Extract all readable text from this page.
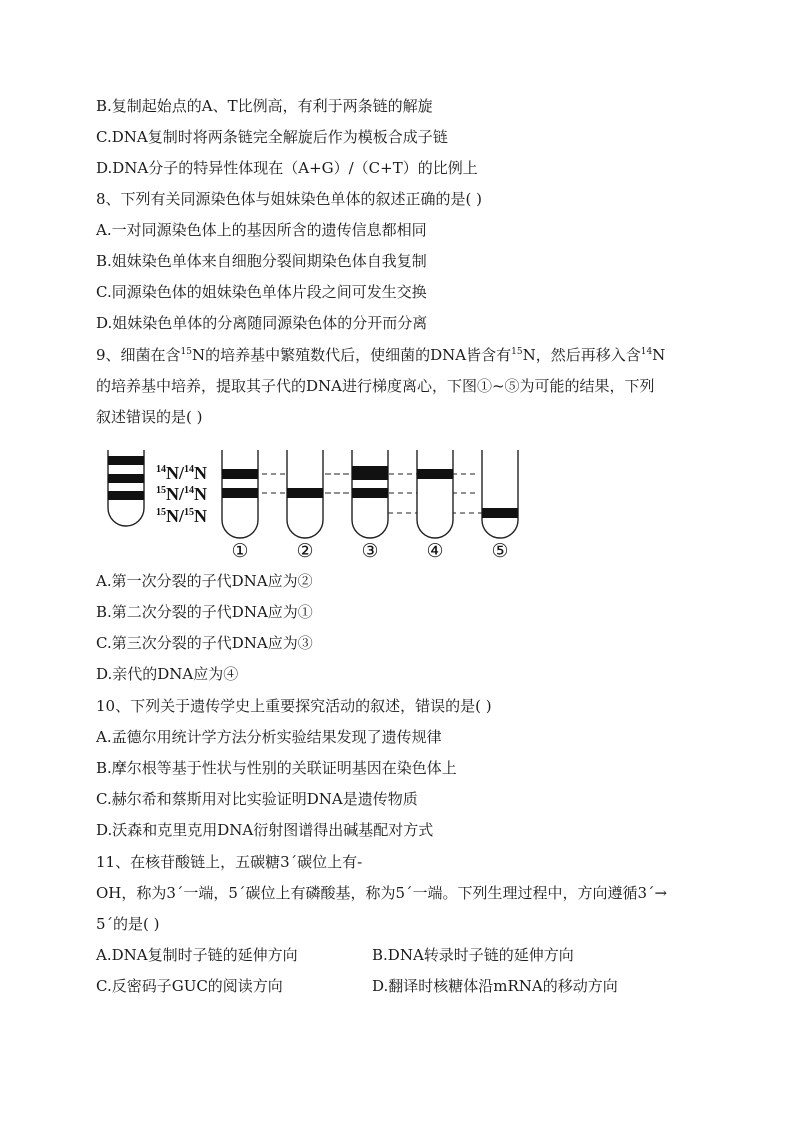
B.复制起始点的A、T比例高，有利于两条链的解旋
C.DNA复制时将两条链完全解旋后作为模板合成子链
D.DNA分子的特异性体现在（A+G）/（C+T）的比例上
8、下列有关同源染色体与姐妹染色单体的叙述正确的是( )
A.一对同源染色体上的基因所含的遗传信息都相同
B.姐妹染色单体来自细胞分裂间期染色体自我复制
C.同源染色体的姐妹染色单体片段之间可发生交换
D.姐妹染色单体的分离随同源染色体的分开而分离
9、细菌在含$^{15}$N的培养基中繁殖数代后，使细菌的DNA皆含有$^{15}$N，然后再移入含$^{14}$N
的培养基中培养，提取其子代的DNA进行梯度离心，下图①~⑤为可能的结果，下列
叙述错误的是( )
$^{14}$N/$^{14}$N
$^{15}$N/$^{14}$N
$^{15}$N/$^{15}$N
①	②	③	④	⑤
A.第一次分裂的子代DNA应为②
B.第二次分裂的子代DNA应为①
C.第三次分裂的子代DNA应为③
D.亲代的DNA应为④
10、下列关于遗传学史上重要探究活动的叙述，错误的是( )
A.孟德尔用统计学方法分析实验结果发现了遗传规律
B.摩尔根等基于性状与性别的关联证明基因在染色体上
C.赫尔希和蔡斯用对比实验证明DNA是遗传物质
D.沃森和克里克用DNA衍射图谱得出碱基配对方式
11、在核苷酸链上，五碳糖3´碳位上有-
OH，称为3´一端，5´碳位上有磷酸基，称为5´一端。下列生理过程中，方向遵循3´→
5´的是( )
A.DNA复制时子链的延伸方向	B.DNA转录时子链的延伸方向
C.反密码子GUC的阅读方向	D.翻译时核糖体沿mRNA的移动方向
